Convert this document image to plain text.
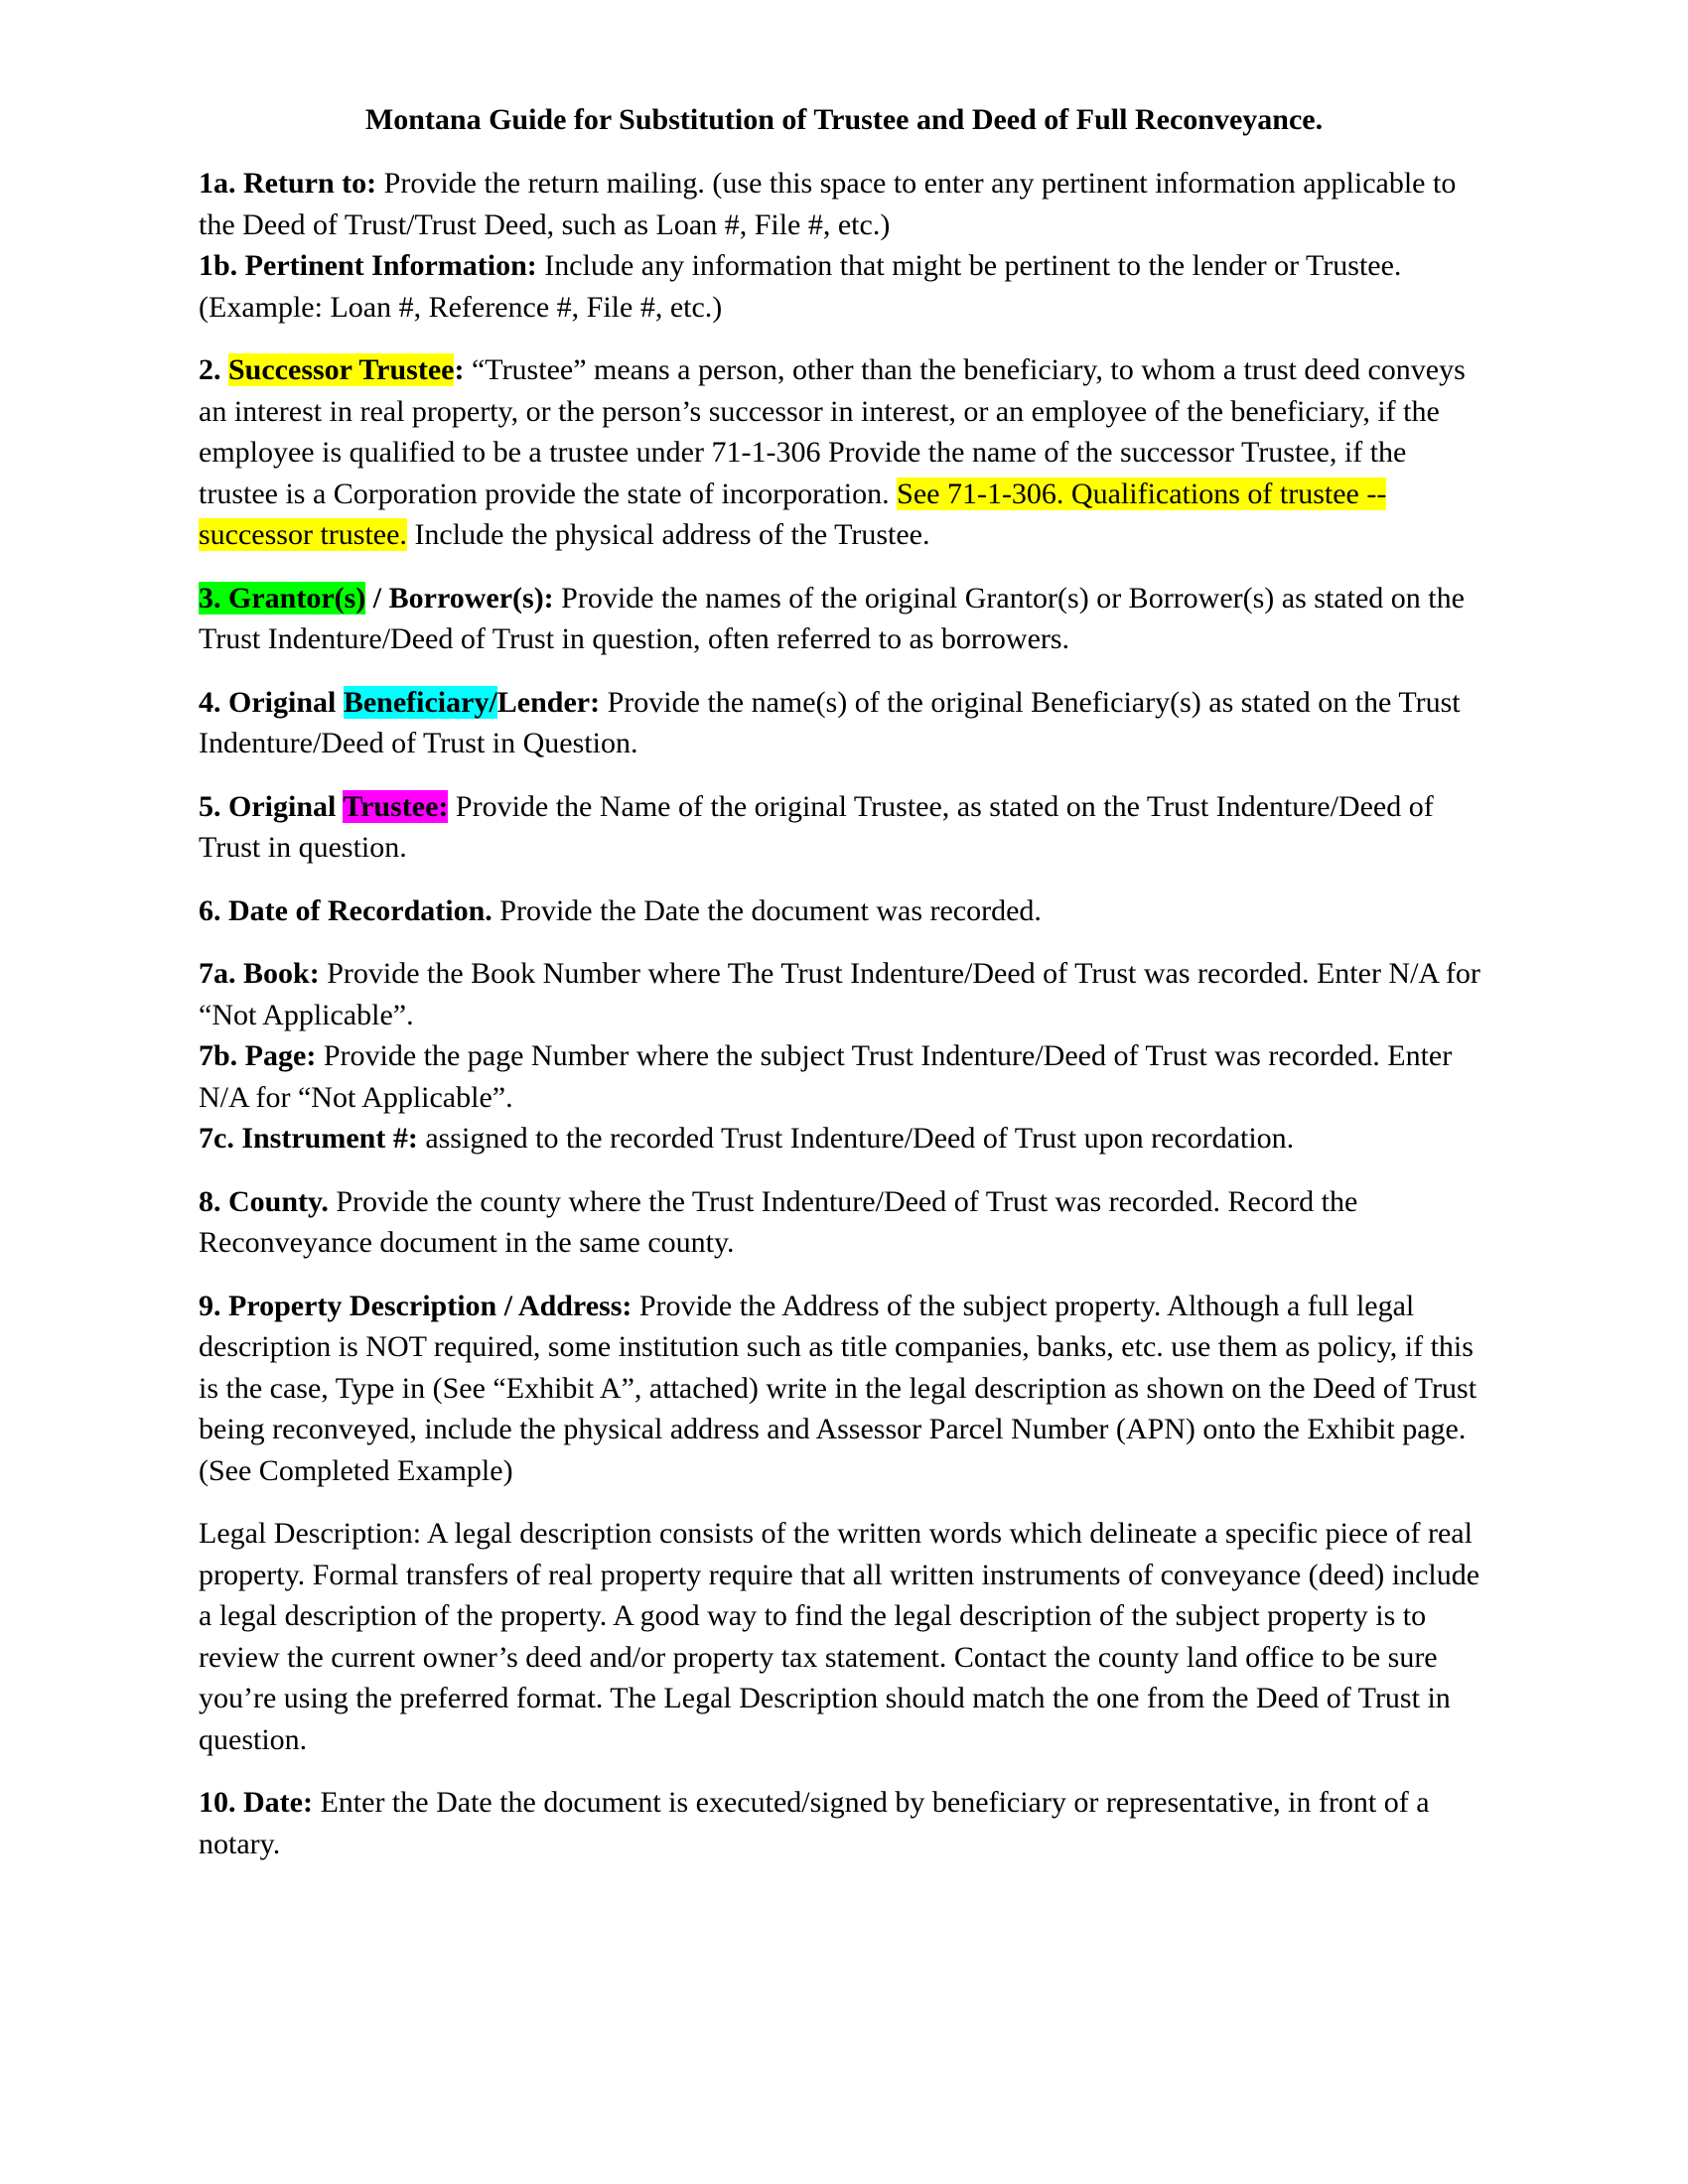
Montana Guide for Substitution of Trustee and Deed of Full Reconveyance.

1a. Return to: Provide the return mailing. (use this space to enter any pertinent information applicable to the Deed of Trust/Trust Deed, such as Loan #, File #, etc.)

1b. Pertinent Information: Include any information that might be pertinent to the lender or Trustee. (Example: Loan #, Reference #, File #, etc.)

2. Successor Trustee: “Trustee” means a person, other than the beneficiary, to whom a trust deed conveys an interest in real property, or the person’s successor in interest, or an employee of the beneficiary, if the employee is qualified to be a trustee under 71-1-306 Provide the name of the successor Trustee, if the trustee is a Corporation provide the state of incorporation. See 71-1-306. Qualifications of trustee -- successor trustee. Include the physical address of the Trustee.

3. Grantor(s) / Borrower(s): Provide the names of the original Grantor(s) or Borrower(s) as stated on the Trust Indenture/Deed of Trust in question, often referred to as borrowers.

4. Original Beneficiary/Lender: Provide the name(s) of the original Beneficiary(s) as stated on the Trust Indenture/Deed of Trust in Question.

5. Original Trustee: Provide the Name of the original Trustee, as stated on the Trust Indenture/Deed of Trust in question.

6. Date of Recordation. Provide the Date the document was recorded.

7a. Book: Provide the Book Number where The Trust Indenture/Deed of Trust was recorded. Enter N/A for “Not Applicable”.

7b. Page: Provide the page Number where the subject Trust Indenture/Deed of Trust was recorded. Enter N/A for “Not Applicable”.

7c. Instrument #: assigned to the recorded Trust Indenture/Deed of Trust upon recordation.

8. County. Provide the county where the Trust Indenture/Deed of Trust was recorded. Record the Reconveyance document in the same county.

9. Property Description / Address: Provide the Address of the subject property. Although a full legal description is NOT required, some institution such as title companies, banks, etc. use them as policy, if this is the case, Type in (See “Exhibit A”, attached) write in the legal description as shown on the Deed of Trust being reconveyed, include the physical address and Assessor Parcel Number (APN) onto the Exhibit page. (See Completed Example)

Legal Description: A legal description consists of the written words which delineate a specific piece of real property. Formal transfers of real property require that all written instruments of conveyance (deed) include a legal description of the property. A good way to find the legal description of the subject property is to review the current owner’s deed and/or property tax statement. Contact the county land office to be sure you’re using the preferred format. The Legal Description should match the one from the Deed of Trust in question.

10. Date: Enter the Date the document is executed/signed by beneficiary or representative, in front of a notary.
